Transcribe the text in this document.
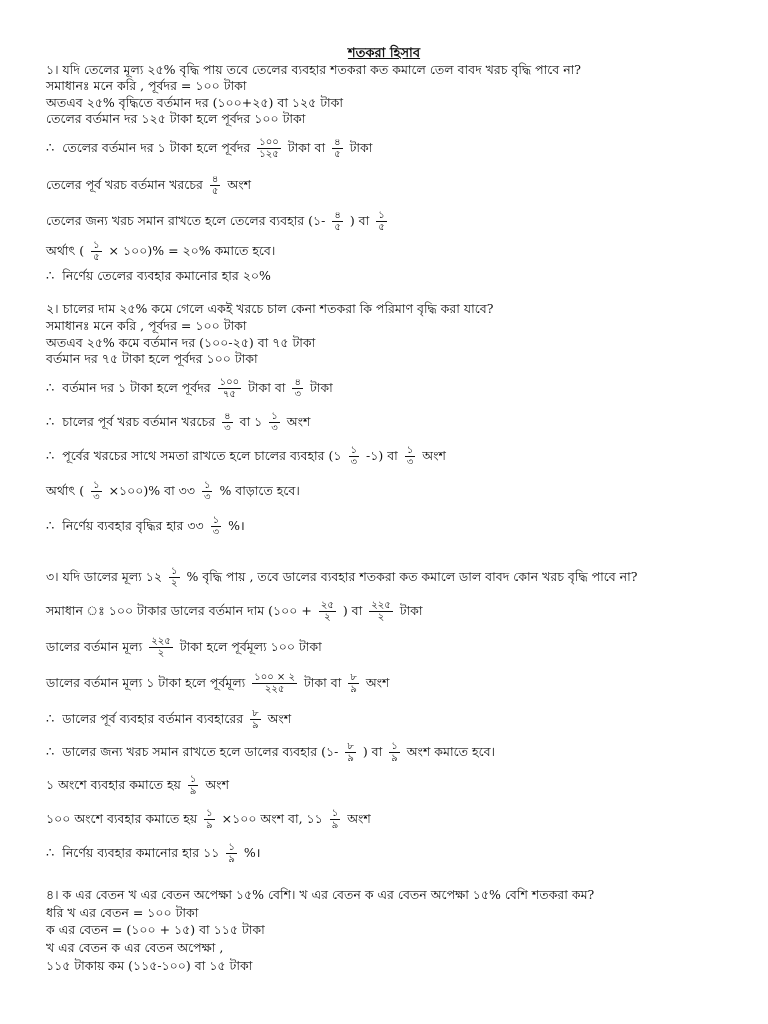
শতকরা হিসাব
১। যদি তেলের মূল্য ২৫% বৃদ্ধি পায় তবে তেলের ব্যবহার শতকরা কত কমালে তেল বাবদ খরচ বৃদ্ধি পাবে না?
সমাধানঃ মনে করি , পূর্বদর = ১০০ টাকা
অতএব ২৫% বৃদ্ধিতে বর্তমান দর (১০০+২৫) বা ১২৫ টাকা
তেলের বর্তমান দর ১২৫ টাকা হলে পূর্বদর ১০০ টাকা
∴ তেলের বর্তমান দর ১ টাকা হলে পূর্বদর $\frac{১০০}{১২৫}$ টাকা বা $\frac{৪}{৫}$ টাকা
তেলের পূর্ব খরচ বর্তমান খরচের $\frac{৪}{৫}$ অংশ
তেলের জন্য খরচ সমান রাখতে হলে তেলের ব্যবহার (১- $\frac{৪}{৫}$ ) বা $\frac{১}{৫}$
অর্থাৎ ( $\frac{১}{৫}$ × ১০০)% = ২০% কমাতে হবে।
∴ নির্ণেয় তেলের ব্যবহার কমানোর হার ২০%
২। চালের দাম ২৫% কমে গেলে একই খরচে চাল কেনা শতকরা কি পরিমাণ বৃদ্ধি করা যাবে?
সমাধানঃ মনে করি , পূর্বদর = ১০০ টাকা
অতএব ২৫% কমে বর্তমান দর (১০০-২৫) বা ৭৫ টাকা
বর্তমান দর ৭৫ টাকা হলে পূর্বদর ১০০ টাকা
∴ বর্তমান দর ১ টাকা হলে পূর্বদর $\frac{১০০}{৭৫}$ টাকা বা $\frac{৪}{৩}$ টাকা
∴ চালের পূর্ব খরচ বর্তমান খরচের $\frac{৪}{৩}$ বা ১ $\frac{১}{৩}$ অংশ
∴ পূর্বের খরচের সাথে সমতা রাখতে হলে চালের ব্যবহার (১ $\frac{১}{৩}$ -১) বা $\frac{১}{৩}$ অংশ
অর্থাৎ ( $\frac{১}{৩}$ ×১০০)% বা ৩৩ $\frac{১}{৩}$ % বাড়াতে হবে।
∴ নির্ণেয় ব্যবহার বৃদ্ধির হার ৩৩ $\frac{১}{৩}$ %।
৩। যদি ডালের মূল্য ১২ $\frac{১}{২}$ % বৃদ্ধি পায় , তবে ডালের ব্যবহার শতকরা কত কমালে ডাল বাবদ কোন খরচ বৃদ্ধি পাবে না?
সমাধান ঃ ১০০ টাকার ডালের বর্তমান দাম (১০০ + $\frac{২৫}{২}$ ) বা $\frac{২২৫}{২}$ টাকা
ডালের বর্তমান মূল্য $\frac{২২৫}{২}$ টাকা হলে পূর্বমূল্য ১০০ টাকা
ডালের বর্তমান মূল্য ১ টাকা হলে পূর্বমূল্য $\frac{১০০ \times ২}{২২৫}$ টাকা বা $\frac{৮}{৯}$ অংশ
∴ ডালের পূর্ব ব্যবহার বর্তমান ব্যবহারের $\frac{৮}{৯}$ অংশ
∴ ডালের জন্য খরচ সমান রাখতে হলে ডালের ব্যবহার (১- $\frac{৮}{৯}$ ) বা $\frac{১}{৯}$ অংশ কমাতে হবে।
১ অংশে ব্যবহার কমাতে হয় $\frac{১}{৯}$ অংশ
১০০ অংশে ব্যবহার কমাতে হয় $\frac{১}{৯}$ ×১০০ অংশ বা, ১১ $\frac{১}{৯}$ অংশ
∴ নির্ণেয় ব্যবহার কমানোর হার ১১ $\frac{১}{৯}$ %।
৪। ক এর বেতন খ এর বেতন অপেক্ষা ১৫% বেশি। খ এর বেতন ক এর বেতন অপেক্ষা ১৫% বেশি শতকরা কম?
ধরি খ এর বেতন = ১০০ টাকা
ক এর বেতন = (১০০ + ১৫) বা ১১৫ টাকা
খ এর বেতন ক এর বেতন অপেক্ষা ,
১১৫ টাকায় কম (১১৫-১০০) বা ১৫ টাকা
